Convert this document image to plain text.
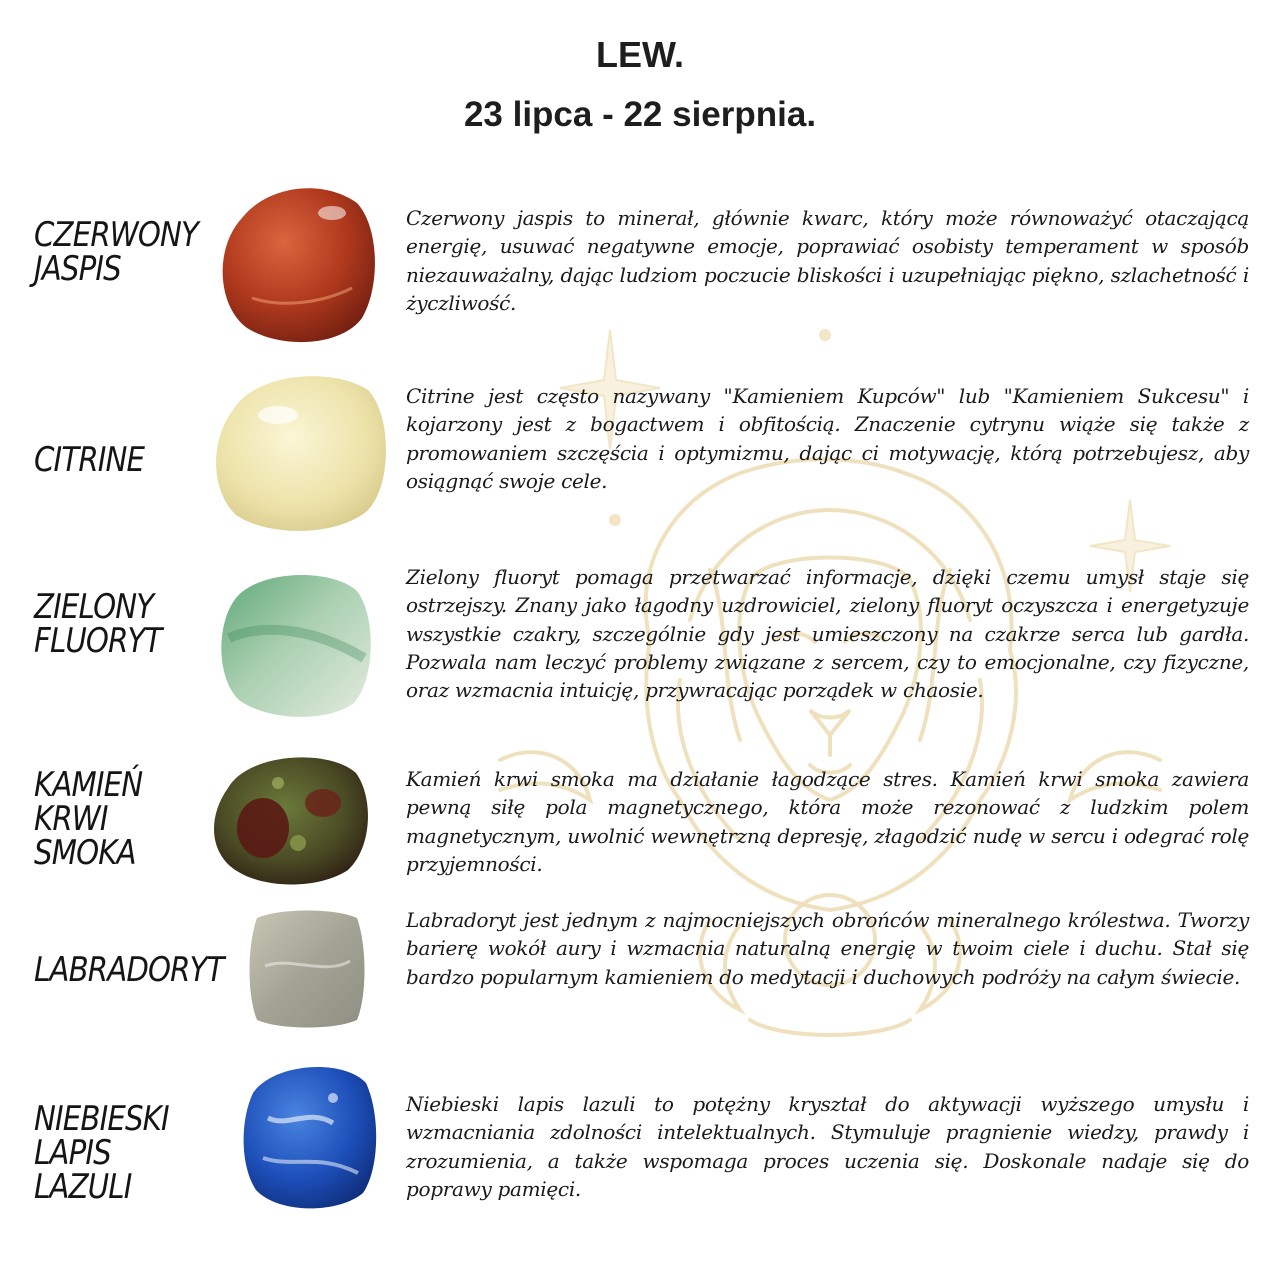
LEW.
23 lipca - 22 sierpnia.
CZERWONY
JASPIS
Czerwony jaspis to minerał, głównie kwarc, który może równoważyć otaczającą energię, usuwać negatywne emocje, poprawiać osobisty temperament w sposób niezauważalny, dając ludziom poczucie bliskości i uzupełniając piękno, szlachetność i życzliwość.
CITRINE
Citrine jest często nazywany "Kamieniem Kupców" lub "Kamieniem Sukcesu" i kojarzony jest z bogactwem i obfitością. Znaczenie cytrynu wiąże się także z promowaniem szczęścia i optymizmu, dając ci motywację, którą potrzebujesz, aby osiągnąć swoje cele.
ZIELONY
FLUORYT
Zielony fluoryt pomaga przetwarzać informacje, dzięki czemu umysł staje się ostrzejszy. Znany jako łagodny uzdrowiciel, zielony fluoryt oczyszcza i energetyzuje wszystkie czakry, szczególnie gdy jest umieszczony na czakrze serca lub gardła. Pozwala nam leczyć problemy związane z sercem, czy to emocjonalne, czy fizyczne, oraz wzmacnia intuicję, przywracając porządek w chaosie.
KAMIEŃ
KRWI
SMOKA
Kamień krwi smoka ma działanie łagodzące stres. Kamień krwi smoka zawiera pewną siłę pola magnetycznego, która może rezonować z ludzkim polem magnetycznym, uwolnić wewnętrzną depresję, złagodzić nudę w sercu i odegrać rolę przyjemności.
LABRADORYT
Labradoryt jest jednym z najmocniejszych obrońców mineralnego królestwa. Tworzy barierę wokół aury i wzmacnia naturalną energię w twoim ciele i duchu. Stał się bardzo popularnym kamieniem do medytacji i duchowych podróży na całym świecie.
NIEBIESKI
LAPIS
LAZULI
Niebieski lapis lazuli to potężny kryształ do aktywacji wyższego umysłu i wzmacniania zdolności intelektualnych. Stymuluje pragnienie wiedzy, prawdy i zrozumienia, a także wspomaga proces uczenia się. Doskonale nadaje się do poprawy pamięci.
